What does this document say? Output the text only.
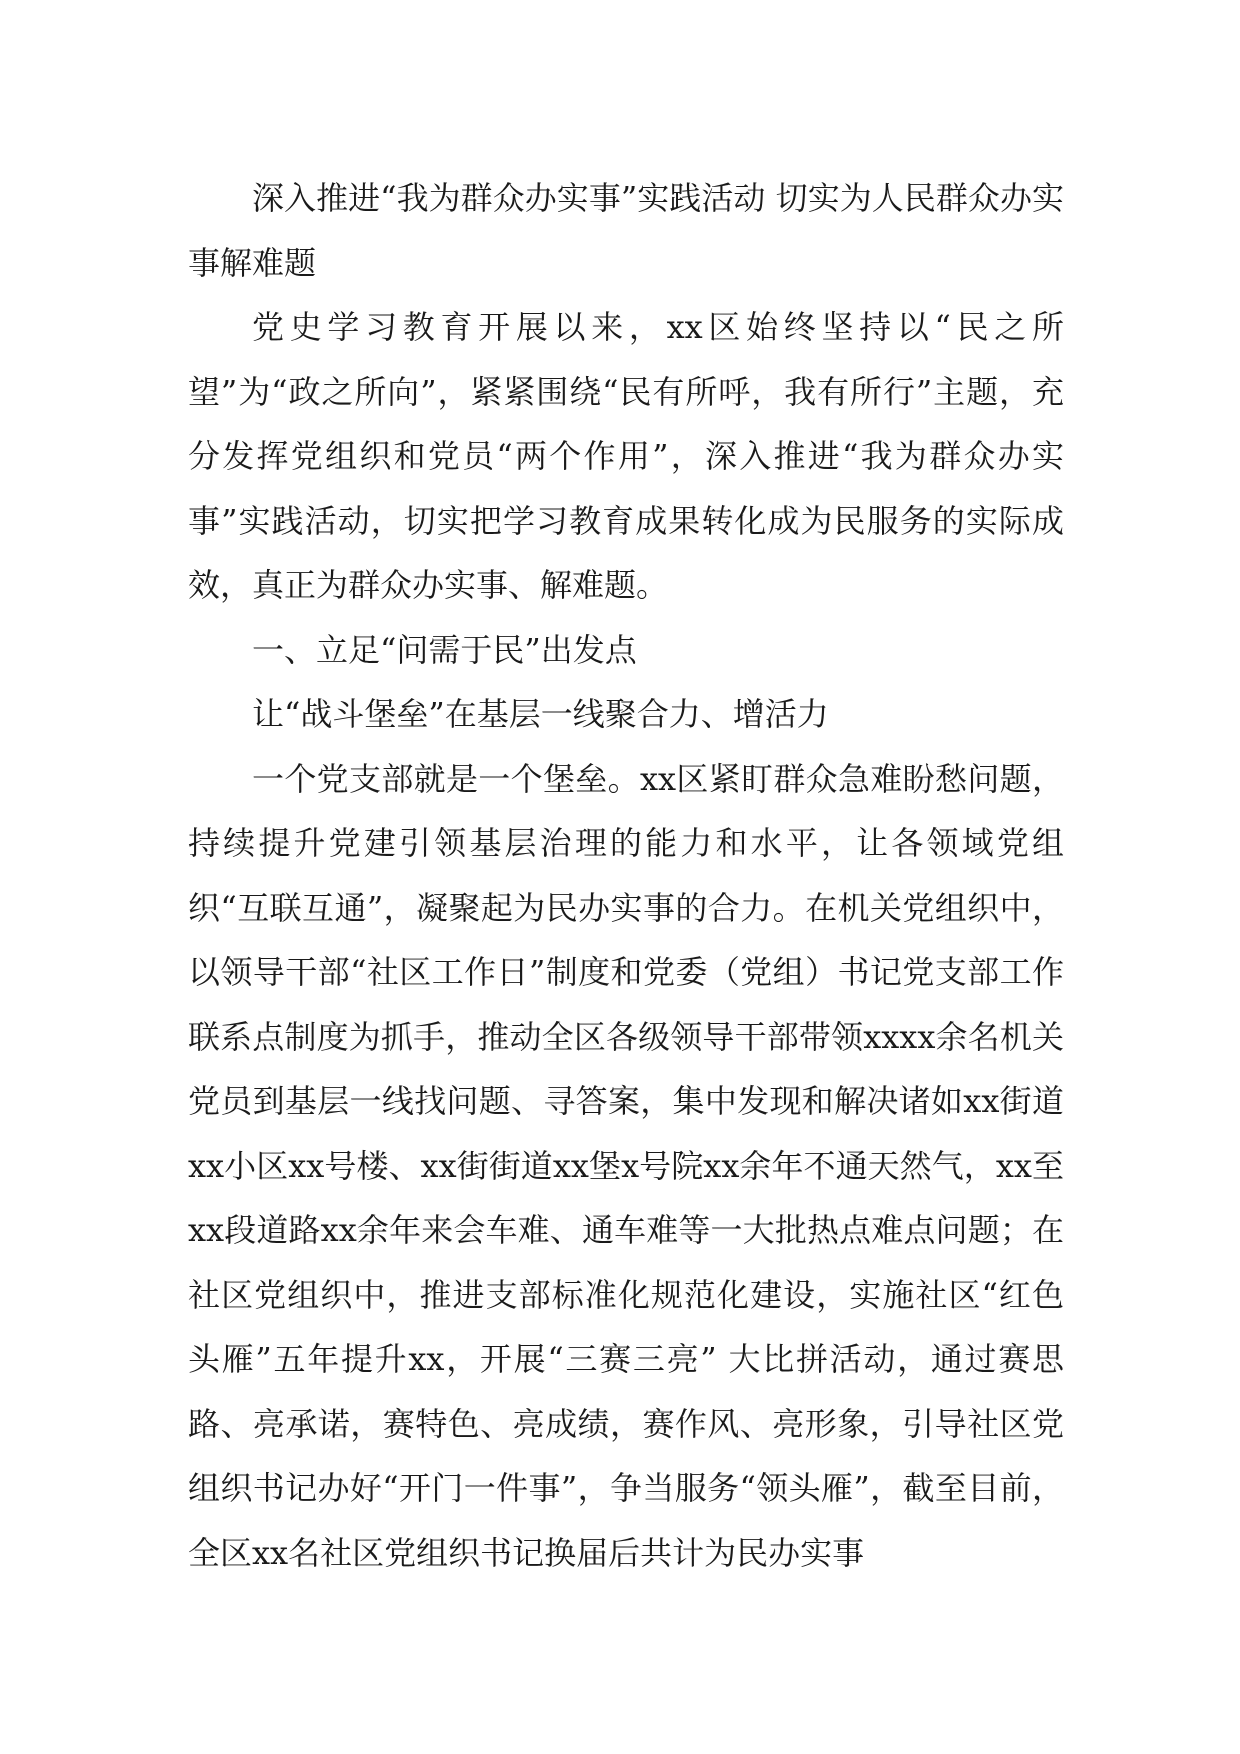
深入推进“我为群众办实事”实践活动 切实为人民群众办实事解难题

党史学习教育开展以来，xx区始终坚持以“民之所望”为“政之所向”，紧紧围绕“民有所呼，我有所行”主题，充分发挥党组织和党员“两个作用”，深入推进“我为群众办实事”实践活动，切实把学习教育成果转化成为民服务的实际成效，真正为群众办实事、解难题。

一、立足“问需于民”出发点

让“战斗堡垒”在基层一线聚合力、增活力

一个党支部就是一个堡垒。xx区紧盯群众急难盼愁问题，持续提升党建引领基层治理的能力和水平，让各领域党组织“互联互通”，凝聚起为民办实事的合力。在机关党组织中，以领导干部“社区工作日”制度和党委（党组）书记党支部工作联系点制度为抓手，推动全区各级领导干部带领xxxx余名机关党员到基层一线找问题、寻答案，集中发现和解决诸如xx街道xx小区xx号楼、xx街街道xx堡x号院xx余年不通天然气，xx至xx段道路xx余年来会车难、通车难等一大批热点难点问题；在社区党组织中，推进支部标准化规范化建设，实施社区“红色头雁”五年提升xx，开展“三赛三亮” 大比拼活动，通过赛思路、亮承诺，赛特色、亮成绩，赛作风、亮形象，引导社区党组织书记办好“开门一件事”，争当服务“领头雁”，截至目前，全区xx名社区党组织书记换届后共计为民办实事
